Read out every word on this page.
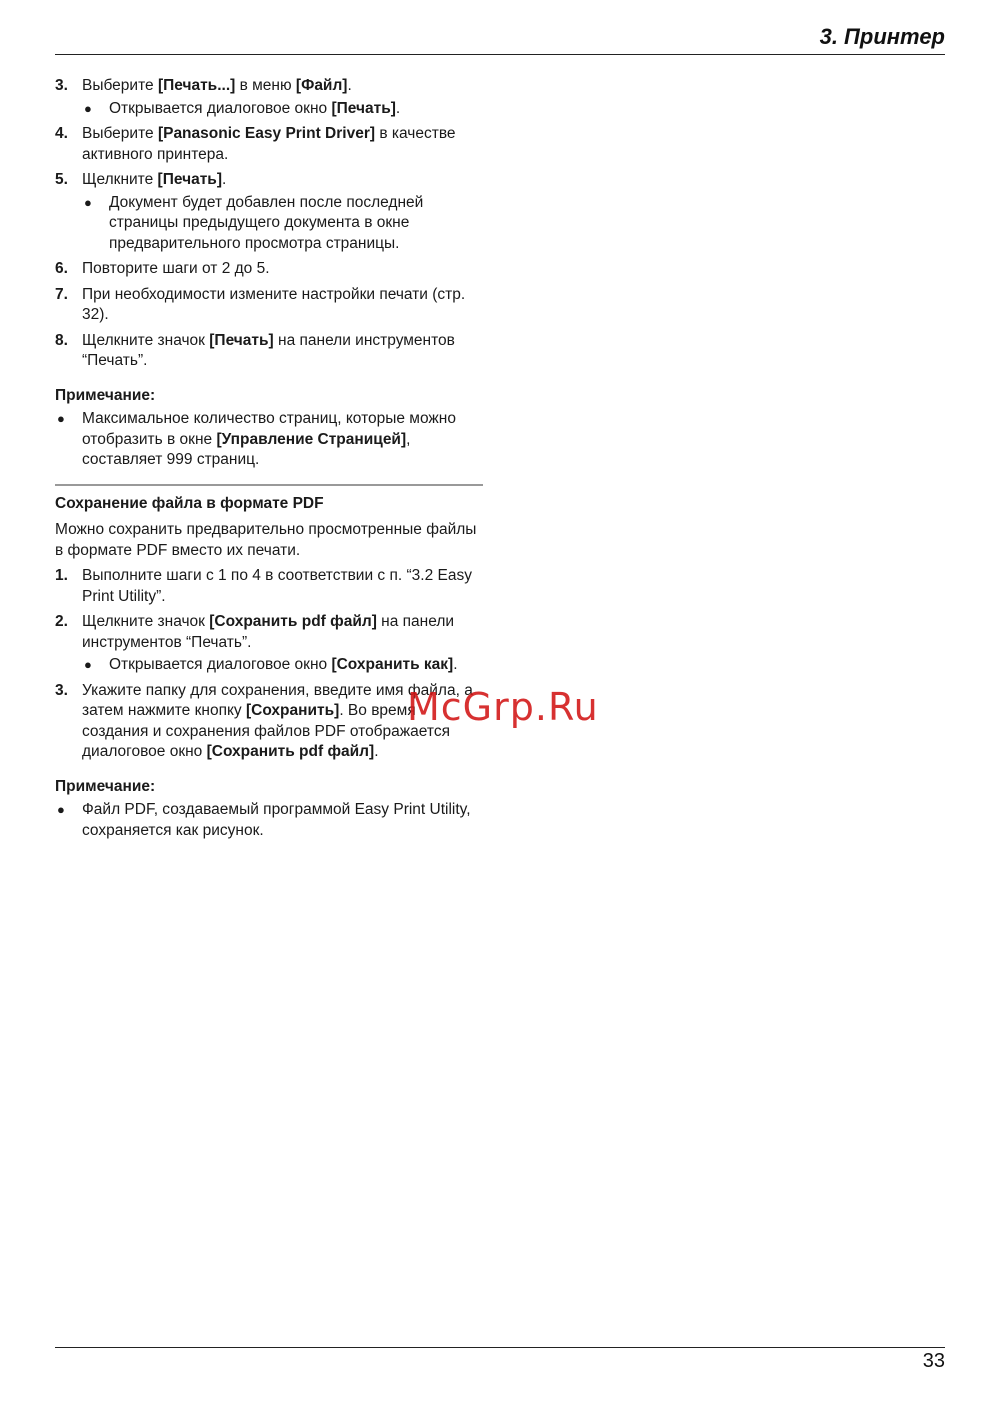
3. Принтер
3. Выберите [Печать...] в меню [Файл].
● Открывается диалоговое окно [Печать].
4. Выберите [Panasonic Easy Print Driver] в качестве активного принтера.
5. Щелкните [Печать].
● Документ будет добавлен после последней страницы предыдущего документа в окне предварительного просмотра страницы.
6. Повторите шаги от 2 до 5.
7. При необходимости измените настройки печати (стр. 32).
8. Щелкните значок [Печать] на панели инструментов “Печать”.
Примечание:
● Максимальное количество страниц, которые можно отобразить в окне [Управление Страницей], составляет 999 страниц.
Сохранение файла в формате PDF
Можно сохранить предварительно просмотренные файлы в формате PDF вместо их печати.
1. Выполните шаги с 1 по 4 в соответствии с п. “3.2 Easy Print Utility”.
2. Щелкните значок [Сохранить pdf файл] на панели инструментов “Печать”.
● Открывается диалоговое окно [Сохранить как].
3. Укажите папку для сохранения, введите имя файла, а затем нажмите кнопку [Сохранить]. Во время создания и сохранения файлов PDF отображается диалоговое окно [Сохранить pdf файл].
Примечание:
● Файл PDF, создаваемый программой Easy Print Utility, сохраняется как рисунок.
McGrp.Ru
33
